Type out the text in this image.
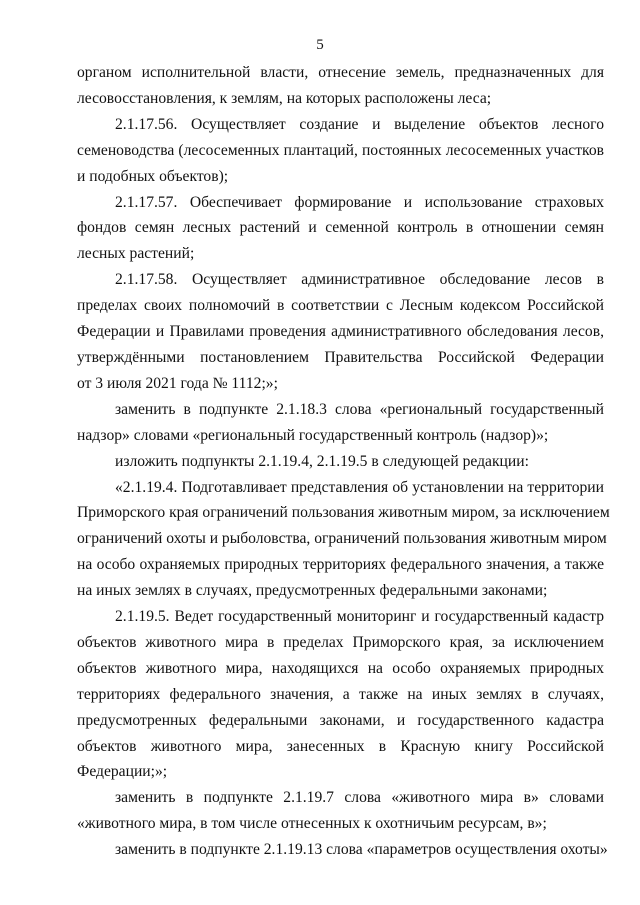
5

органом исполнительной власти, отнесение земель, предназначенных для
лесовосстановления, к землям, на которых расположены леса;

2.1.17.56. Осуществляет создание и выделение объектов лесного
семеноводства (лесосеменных плантаций, постоянных лесосеменных участков
и подобных объектов);

2.1.17.57. Обеспечивает формирование и использование страховых
фондов семян лесных растений и семенной контроль в отношении семян
лесных растений;

2.1.17.58. Осуществляет административное обследование лесов в
пределах своих полномочий в соответствии с Лесным кодексом Российской
Федерации и Правилами проведения административного обследования лесов,
утверждёнными постановлением Правительства Российской Федерации
от 3 июля 2021 года № 1112;»;

заменить в подпункте 2.1.18.3 слова «региональный государственный
надзор» словами «региональный государственный контроль (надзор)»;

изложить подпункты 2.1.19.4, 2.1.19.5 в следующей редакции:

«2.1.19.4. Подготавливает представления об установлении на территории
Приморского края ограничений пользования животным миром, за исключением
ограничений охоты и рыболовства, ограничений пользования животным миром
на особо охраняемых природных территориях федерального значения, а также
на иных землях в случаях, предусмотренных федеральными законами;

2.1.19.5. Ведет государственный мониторинг и государственный кадастр
объектов животного мира в пределах Приморского края, за исключением
объектов животного мира, находящихся на особо охраняемых природных
территориях федерального значения, а также на иных землях в случаях,
предусмотренных федеральными законами, и государственного кадастра
объектов животного мира, занесенных в Красную книгу Российской
Федерации;»;

заменить в подпункте 2.1.19.7 слова «животного мира в» словами
«животного мира, в том числе отнесенных к охотничьим ресурсам, в»;

заменить в подпункте 2.1.19.13 слова «параметров осуществления охоты»
